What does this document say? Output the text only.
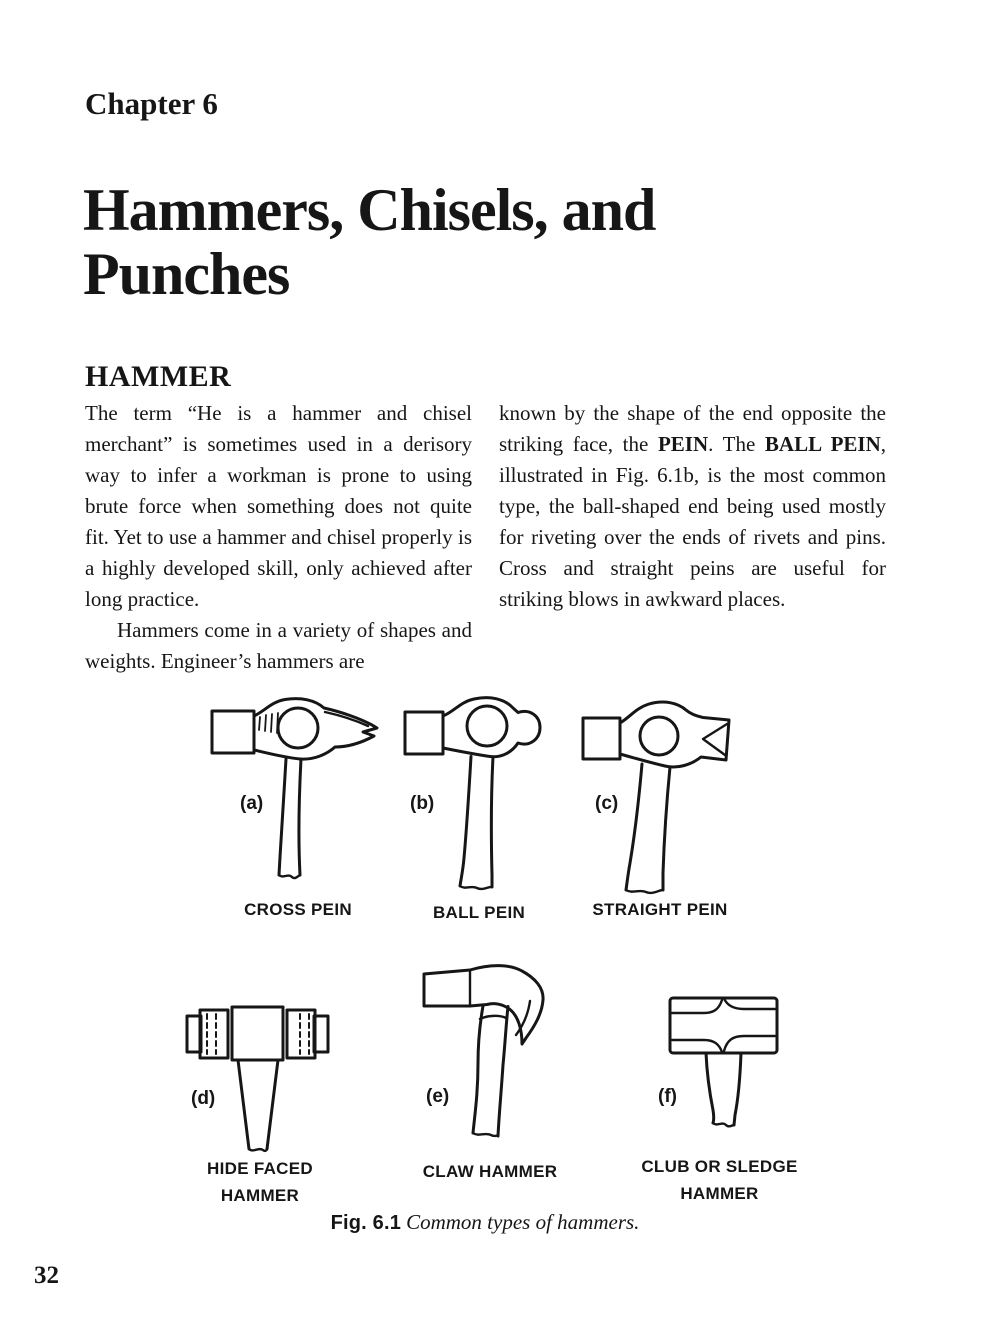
Chapter 6
Hammers, Chisels, and Punches
HAMMER

The term “He is a hammer and chisel merchant” is sometimes used in a derisory way to infer a workman is prone to using brute force when something does not quite fit. Yet to use a hammer and chisel properly is a highly developed skill, only achieved after long practice.

Hammers come in a variety of shapes and weights. Engineer’s hammers are

known by the shape of the end opposite the striking face, the PEIN. The BALL PEIN, illustrated in Fig. 6.1b, is the most common type, the ball-shaped end being used mostly for riveting over the ends of rivets and pins. Cross and straight peins are useful for striking blows in awkward places.

(a)
CROSS PEIN
(b)
BALL PEIN
(c)
STRAIGHT PEIN
(d)
HIDE FACED HAMMER
(e)
CLAW HAMMER
(f)
CLUB OR SLEDGE HAMMER
Fig. 6.1 Common types of hammers.
32
